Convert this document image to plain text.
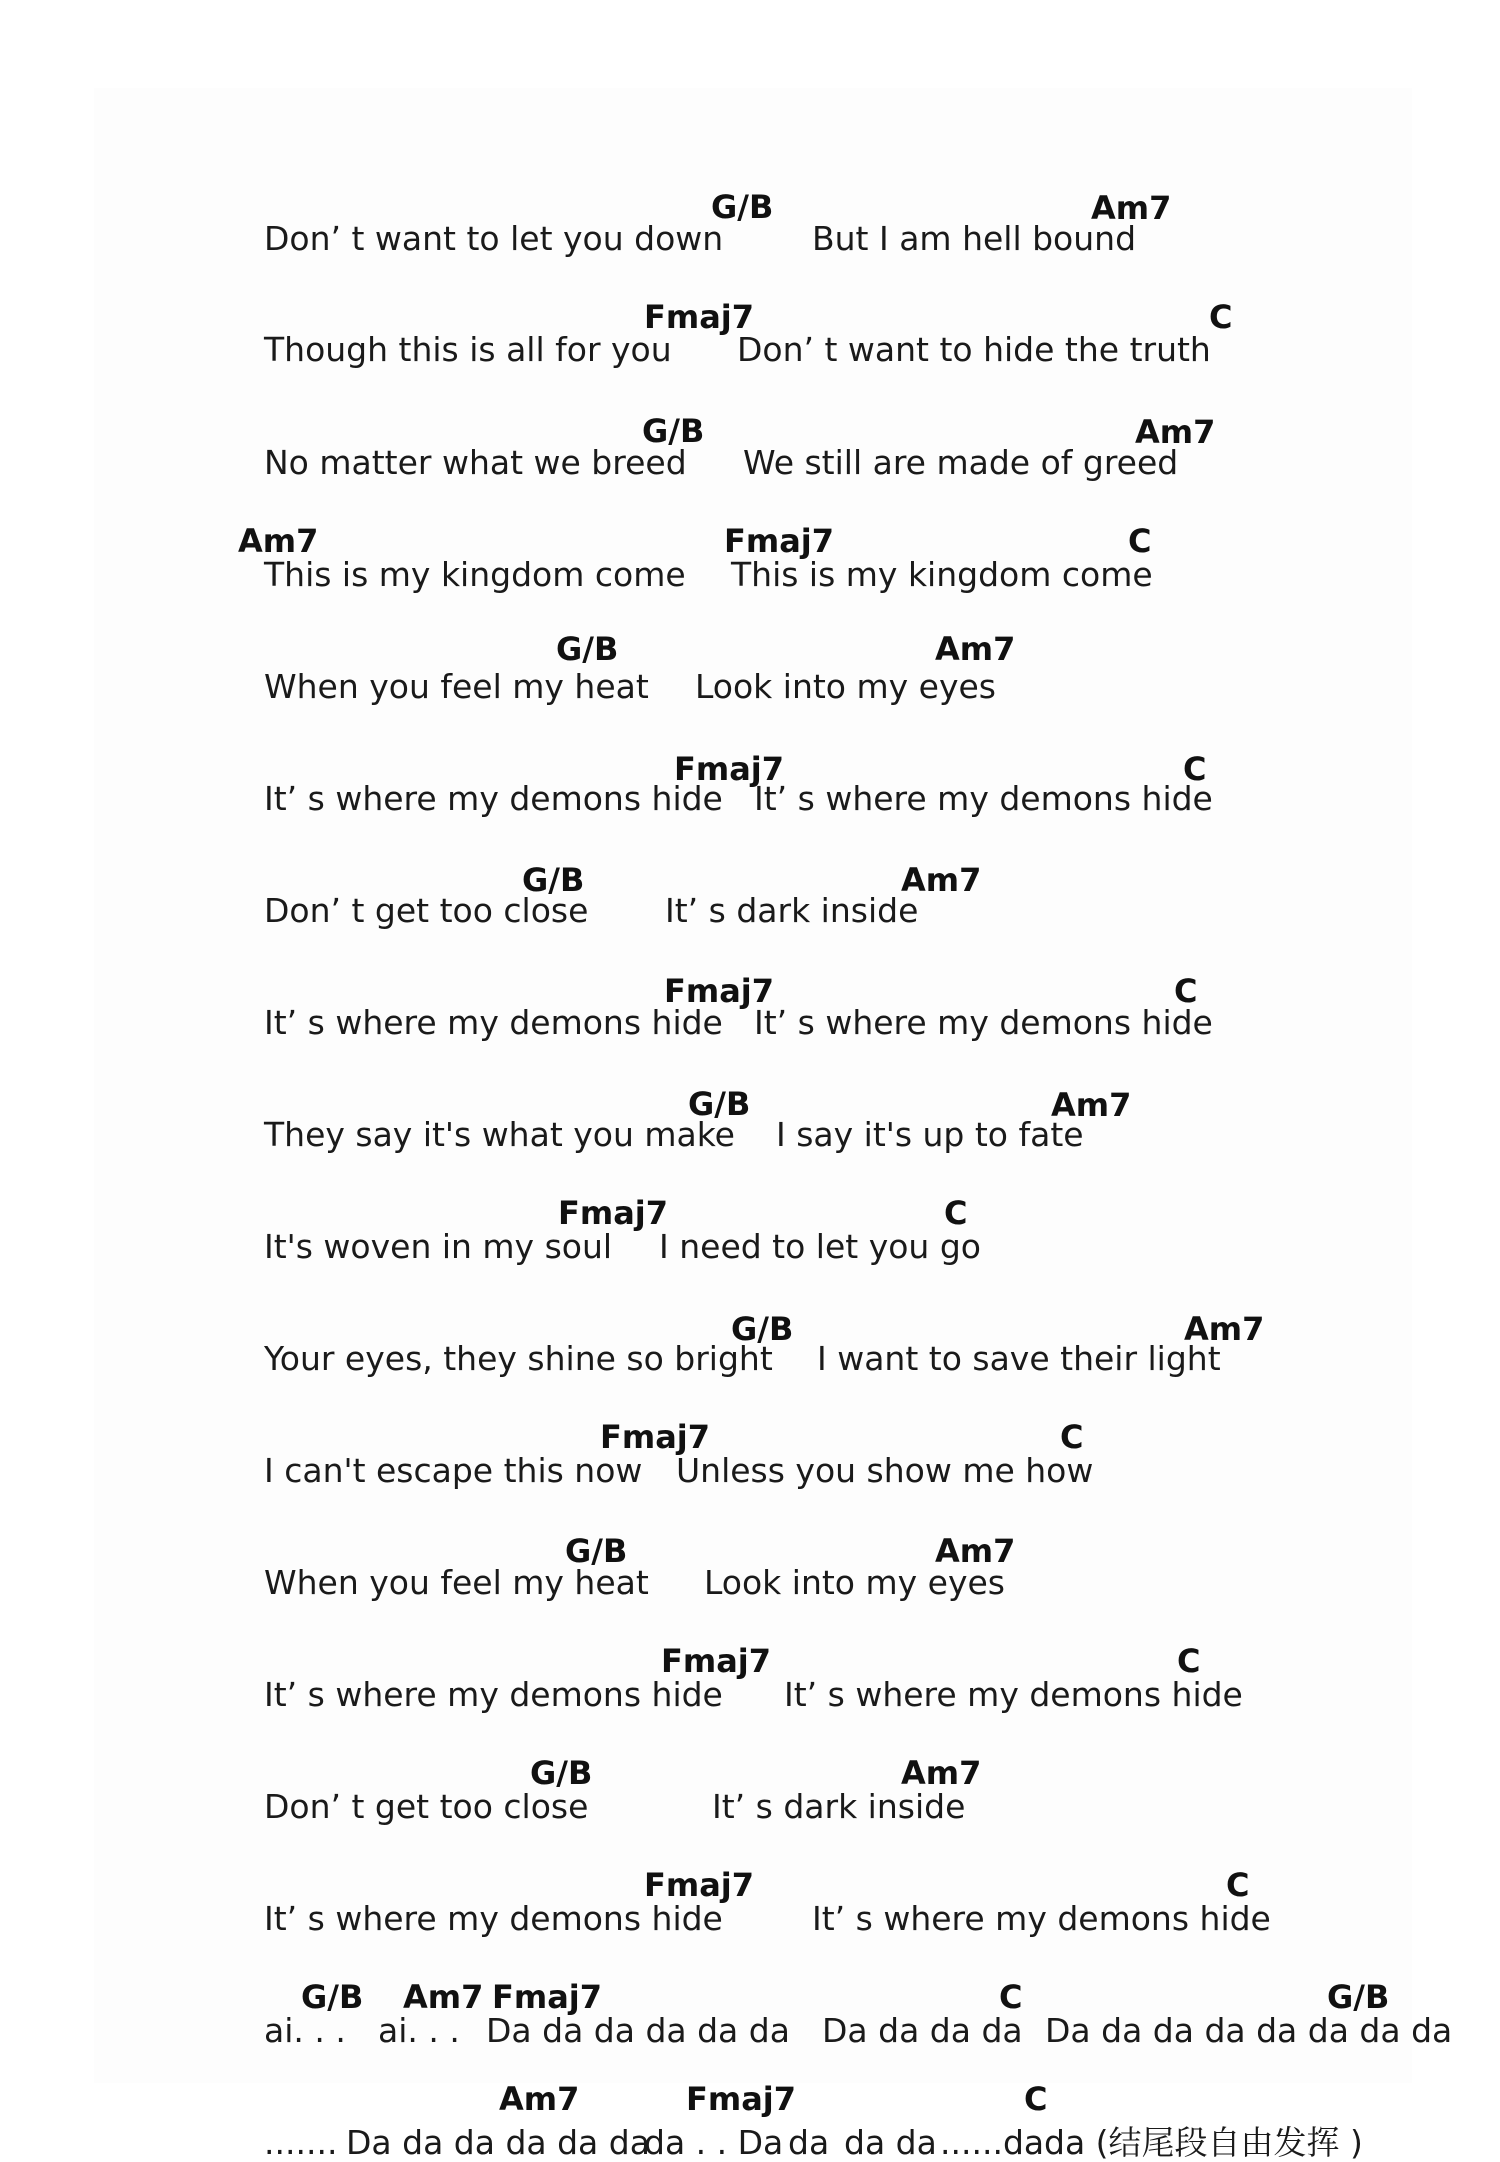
G/B	Am7

Don’ t want to let you down	But I am hell bound

Fmaj7	C

Though this is all for you Don’ t want to hide the truth

G/B	Am7

No matter what we breed We still are made of greed

Am7	Fmaj7	C

This is my kingdom come This is my kingdom come

G/B	Am7

When you feel my heat Look into my eyes

Fmaj7	C

It’ s where my demons hide It’ s where my demons hide

G/B	Am7

Don’ t get too close It’ s dark inside

Fmaj7	C

It’ s where my demons hide It’ s where my demons hide

G/B	Am7

They say it's what you make I say it's up to fate

Fmaj7	C

It's woven in my soul I need to let you go

G/B	Am7

Your eyes, they shine so bright I want to save their light

Fmaj7	C

I can't escape this now Unless you show me how

G/B	Am7

When you feel my heat Look into my eyes

Fmaj7	C

It’ s where my demons hide It’ s where my demons hide

G/B	Am7

Don’ t get too close	It’ s dark inside

Fmaj7	C

It’ s where my demons hide	It’ s where my demons hide

G/B Am7 Fmaj7	C	G/B

ai. . . ai. . . Da da da da da da Da da da da Da da da da da da da da

Am7	Fmaj7	C

....... Da da da da da da

da . . Da da da da ......da da (结尾段自由发挥 )
